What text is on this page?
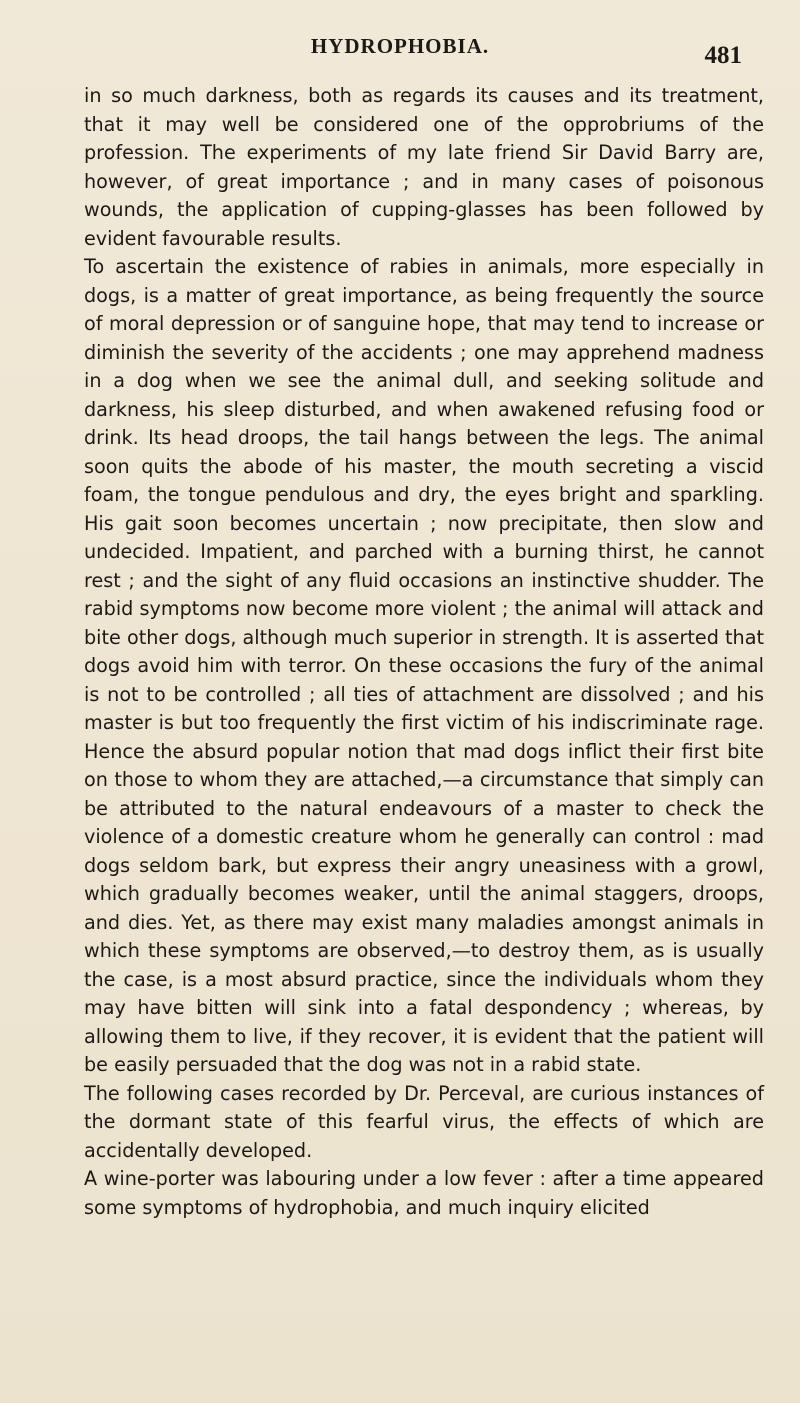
HYDROPHOBIA.	481

in so much darkness, both as regards its causes and its treatment, that it may well be considered one of the opprobriums of the profession. The experiments of my late friend Sir David Barry are, however, of great importance ; and in many cases of poisonous wounds, the application of cupping-glasses has been followed by evident favourable results.

To ascertain the existence of rabies in animals, more especially in dogs, is a matter of great importance, as being frequently the source of moral depression or of sanguine hope, that may tend to increase or diminish the severity of the accidents ; one may apprehend madness in a dog when we see the animal dull, and seeking solitude and darkness, his sleep disturbed, and when awakened refusing food or drink. Its head droops, the tail hangs between the legs. The animal soon quits the abode of his master, the mouth secreting a viscid foam, the tongue pendulous and dry, the eyes bright and sparkling. His gait soon becomes uncertain ; now precipitate, then slow and undecided. Impatient, and parched with a burning thirst, he cannot rest ; and the sight of any fluid occasions an instinctive shudder. The rabid symptoms now become more violent ; the animal will attack and bite other dogs, although much superior in strength. It is asserted that dogs avoid him with terror. On these occasions the fury of the animal is not to be controlled ; all ties of attachment are dissolved ; and his master is but too frequently the first victim of his indiscriminate rage. Hence the absurd popular notion that mad dogs inflict their first bite on those to whom they are attached,—a circumstance that simply can be attributed to the natural endeavours of a master to check the violence of a domestic creature whom he generally can control : mad dogs seldom bark, but express their angry uneasiness with a growl, which gradually becomes weaker, until the animal staggers, droops, and dies. Yet, as there may exist many maladies amongst animals in which these symptoms are observed,—to destroy them, as is usually the case, is a most absurd practice, since the individuals whom they may have bitten will sink into a fatal despondency ; whereas, by allowing them to live, if they recover, it is evident that the patient will be easily persuaded that the dog was not in a rabid state.

The following cases recorded by Dr. Perceval, are curious instances of the dormant state of this fearful virus, the effects of which are accidentally developed.

A wine-porter was labouring under a low fever : after a time appeared some symptoms of hydrophobia, and much inquiry elicited
